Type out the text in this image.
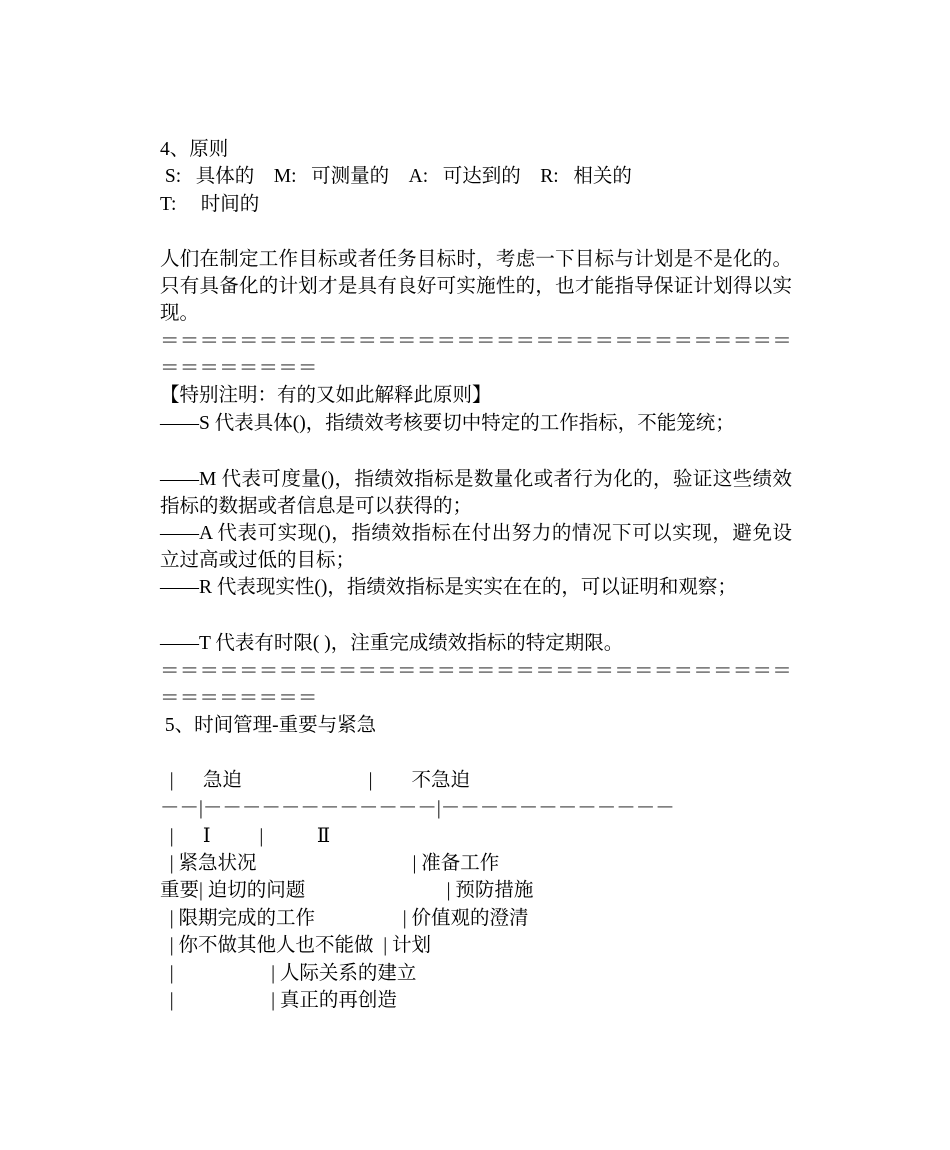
4、原则
S:   具体的    M:   可测量的    A:   可达到的    R:   相关的
T:     时间的
人们在制定工作目标或者任务目标时，考虑一下目标与计划是不是化的。只有具备化的计划才是具有良好可实施性的，也才能指导保证计划得以实现。
＝＝＝＝＝＝＝＝＝＝＝＝＝＝＝＝＝＝＝＝＝＝＝＝＝＝＝＝＝＝＝＝＝＝＝＝＝＝＝＝
【特别注明：有的又如此解释此原则】
——S 代表具体()，指绩效考核要切中特定的工作指标，不能笼统；
——M 代表可度量()，指绩效指标是数量化或者行为化的，验证这些绩效指标的数据或者信息是可以获得的；
——A 代表可实现()，指绩效指标在付出努力的情况下可以实现，避免设立过高或过低的目标；
——R 代表现实性()，指绩效指标是实实在在的，可以证明和观察；
——T 代表有时限( )，注重完成绩效指标的特定期限。
＝＝＝＝＝＝＝＝＝＝＝＝＝＝＝＝＝＝＝＝＝＝＝＝＝＝＝＝＝＝＝＝＝＝＝＝＝＝＝＝
5、时间管理-重要与紧急
|      急迫                          |        不急迫
－－|－－－－－－－－－－－－|－－－－－－－－－－－－
|      Ⅰ          |           Ⅱ
| 紧急状况                                | 准备工作
重要| 迫切的问题                             | 预防措施
| 限期完成的工作                  | 价值观的澄清
| 你不做其他人也不能做  | 计划
|                    | 人际关系的建立
|                    | 真正的再创造
